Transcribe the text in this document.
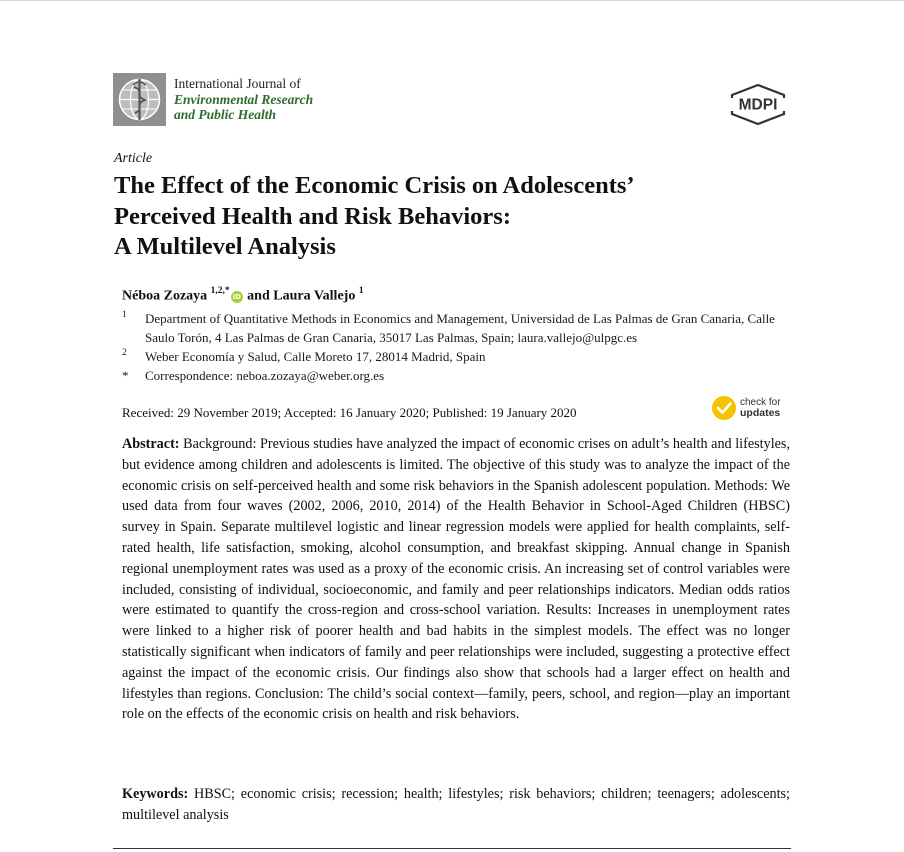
International Journal of
Environmental Research
and Public Health
MDPI
Article
The Effect of the Economic Crisis on Adolescents’
Perceived Health and Risk Behaviors:
A Multilevel Analysis
Néboa Zozaya $^{1,2,*}$iD and Laura Vallejo $^1$
1 Department of Quantitative Methods in Economics and Management, Universidad de Las Palmas de Gran Canaria, Calle Saulo Torón, 4 Las Palmas de Gran Canaria, 35017 Las Palmas, Spain; laura.vallejo@ulpgc.es
2 Weber Economía y Salud, Calle Moreto 17, 28014 Madrid, Spain
* Correspondence: neboa.zozaya@weber.org.es
Received: 29 November 2019; Accepted: 16 January 2020; Published: 19 January 2020
check for
updates

Abstract: Background: Previous studies have analyzed the impact of economic crises on adult’s health and lifestyles, but evidence among children and adolescents is limited. The objective of this study was to analyze the impact of the economic crisis on self-perceived health and some risk behaviors in the Spanish adolescent population. Methods: We used data from four waves (2002, 2006, 2010, 2014) of the Health Behavior in School-Aged Children (HBSC) survey in Spain. Separate multilevel logistic and linear regression models were applied for health complaints, self-rated health, life satisfaction, smoking, alcohol consumption, and breakfast skipping. Annual change in Spanish regional unemployment rates was used as a proxy of the economic crisis. An increasing set of control variables were included, consisting of individual, socioeconomic, and family and peer relationships indicators. Median odds ratios were estimated to quantify the cross-region and cross-school variation. Results: Increases in unemployment rates were linked to a higher risk of poorer health and bad habits in the simplest models. The effect was no longer statistically significant when indicators of family and peer relationships were included, suggesting a protective effect against the impact of the economic crisis. Our findings also show that schools had a larger effect on health and lifestyles than regions. Conclusion: The child’s social context—family, peers, school, and region—play an important role on the effects of the economic crisis on health and risk behaviors.

Keywords: HBSC; economic crisis; recession; health; lifestyles; risk behaviors; children; teenagers; adolescents; multilevel analysis
